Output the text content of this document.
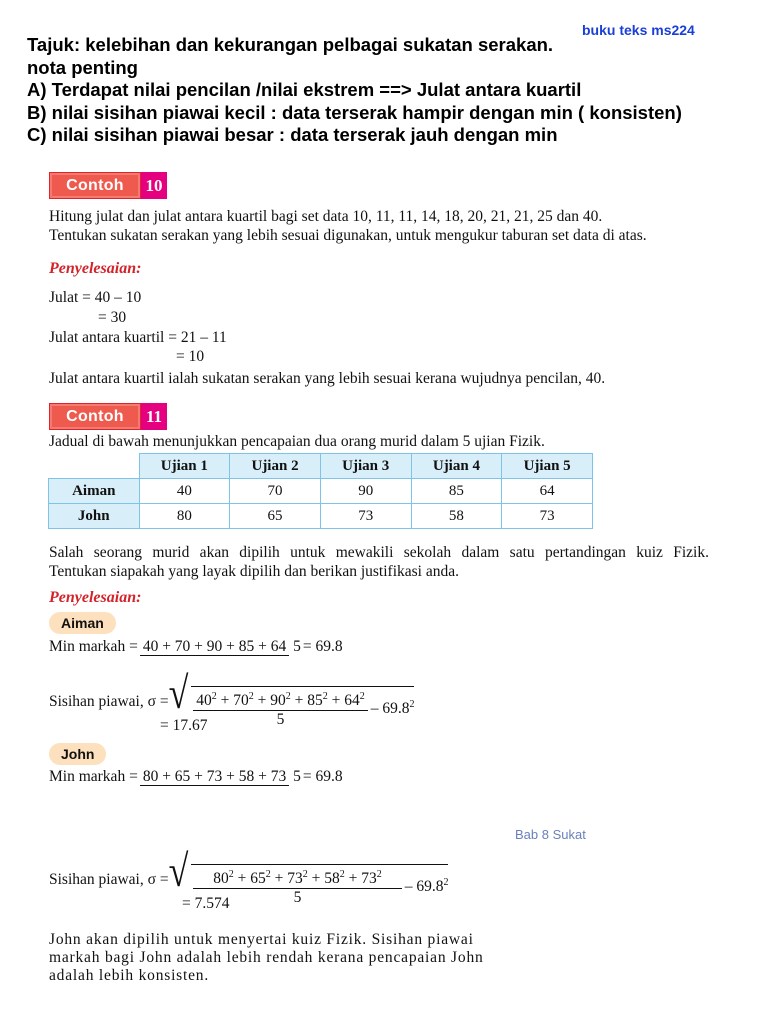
buku teks ms224
Tajuk: kelebihan dan kekurangan pelbagai sukatan serakan.
nota penting
A) Terdapat nilai pencilan /nilai ekstrem ==> Julat antara kuartil
B) nilai sisihan piawai kecil : data terserak hampir dengan min ( konsisten)
C) nilai sisihan piawai besar : data terserak jauh dengan min
Contoh	10
Hitung julat dan julat antara kuartil bagi set data 10, 11, 11, 14, 18, 20, 21, 21, 25 dan 40.
Tentukan sukatan serakan yang lebih sesuai digunakan, untuk mengukur taburan set data di atas.
Penyelesaian:
Julat = 40 – 10
= 30
Julat antara kuartil = 21 – 11
= 10
Julat antara kuartil ialah sukatan serakan yang lebih sesuai kerana wujudnya pencilan, 40.
Contoh	11
Jadual di bawah menunjukkan pencapaian dua orang murid dalam 5 ujian Fizik.
	Ujian 1	Ujian 2	Ujian 3	Ujian 4	Ujian 5
Aiman	40	70	90	85	64
John	80	65	73	58	73
Salah seorang murid akan dipilih untuk mewakili sekolah dalam satu pertandingan kuiz Fizik.
Tentukan siapakah yang layak dipilih dan berikan justifikasi anda.
Penyelesaian:
Aiman
Min markah = 40 + 70 + 90 + 85 + 64 5 = 69.8
Sisihan piawai, σ = √ $\frac{40^2 + 70^2 + 90^2 + 85^2 + 64^2}{5} - 69.8^2$
= 17.67
John
Min markah = 80 + 65 + 73 + 58 + 73 5 = 69.8
Bab 8 Sukat
Sisihan piawai, σ = √ $\frac{80^2 + 65^2 + 73^2 + 58^2 + 73^2}{5} - 69.8^2$
= 7.574
John akan dipilih untuk menyertai kuiz Fizik. Sisihan piawai
markah bagi John adalah lebih rendah kerana pencapaian John
adalah lebih konsisten.
